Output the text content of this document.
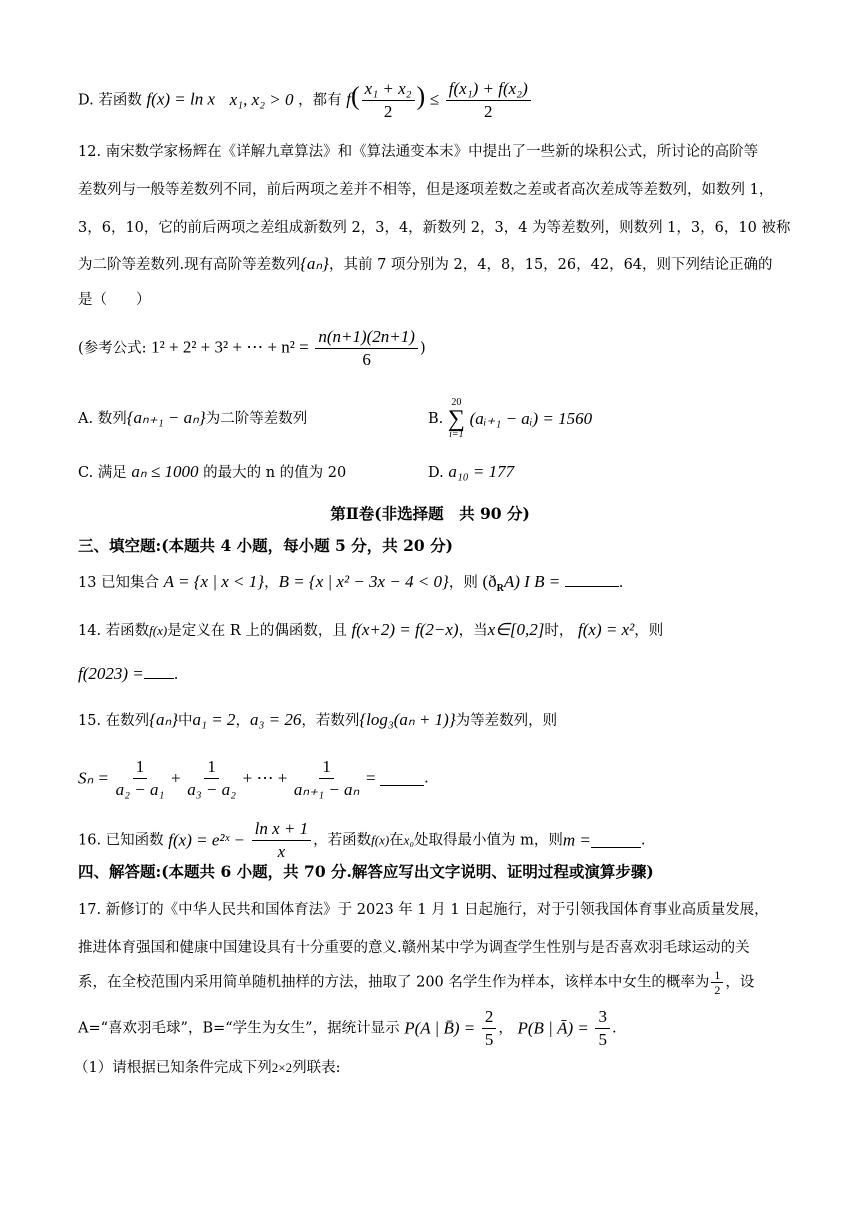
D. 若函数 f(x) = ln x x₁, x₂ > 0 ，都有 $f( \frac{\text{x₁ + x₂}}{2}$ ) ≤ $\frac{\text{f(x₁) + f(x₂)}}{2}$
12. 南宋数学家杨辉在《详解九章算法》和《算法通变本末》中提出了一些新的垛积公式，所讨论的高阶等
差数列与一般等差数列不同，前后两项之差并不相等，但是逐项差数之差或者高次差成等差数列，如数列 1，
3，6，10，它的前后两项之差组成新数列 2，3，4，新数列 2，3，4 为等差数列，则数列 1，3，6，10 被称
为二阶等差数列.现有高阶等差数列{aₙ}，其前 7 项分别为 2，4，8，15，26，42，64，则下列结论正确的
是（　　）
(参考公式: 1² + 2² + 3² + ⋯ + $n^2 = \frac{n(n+1)(2n+1)}{6}$ )
A. 数列{aₙ₊₁ − aₙ}为二阶等差数列	B.
20
∑
i=1
(aᵢ₊₁ − aᵢ) = 1560
C. 满足 aₙ ≤ 1000 的最大的 n 的值为 20	D. a₁₀ = 177
第Ⅱ卷(非选择题　共 90 分)
三、填空题:(本题共 4 小题，每小题 5 分，共 20 分)
13 已知集合 A = {x | x < 1}，B = {x | x² − 3x − 4 < 0}，则 $(ð_RA)$ I B =	.
14. 若函数f(x)是定义在 R 上的偶函数，且 f(x+2) = f(2−x)，当x∈[0,2]时， f(x) = x²，则
f(2023) = .
15. 在数列{aₙ}中a₁ = 2，a₃ = 26，若数列{log₃(aₙ + 1)}为等差数列，则
$S_n = \frac{1}{\text{a₂ − a₁}} + \frac{1}{\text{a₃ − a₂}}$ + ⋯ + $\frac{1}{\text{aₙ₊₁ − aₙ}}$ =	.
16. 已知函数 f(x) = e²ˣ − $\frac{\text{ln x + 1}}{x}$ ，若函数f(x)在x₀处取得最小值为 m，则m =	.
四、解答题:(本题共 6 小题，共 70 分.解答应写出文字说明、证明过程或演算步骤)
17. 新修订的《中华人民共和国体育法》于 2023 年 1 月 1 日起施行，对于引领我国体育事业高质量发展，
推进体育强国和健康中国建设具有十分重要的意义.赣州某中学为调查学生性别与是否喜欢羽毛球运动的关
系，在全校范围内采用简单随机抽样的方法，抽取了 200 名学生作为样本，该样本中女生的概率为 $\frac{1}{2}$ ，设
A=“喜欢羽毛球”，B=“学生为女生”，据统计显示 P(A | B̄) = $\frac{2}{5}$ ， P(B | Ā) = $\frac{3}{5}$ .
（1）请根据已知条件完成下列2×2列联表:
